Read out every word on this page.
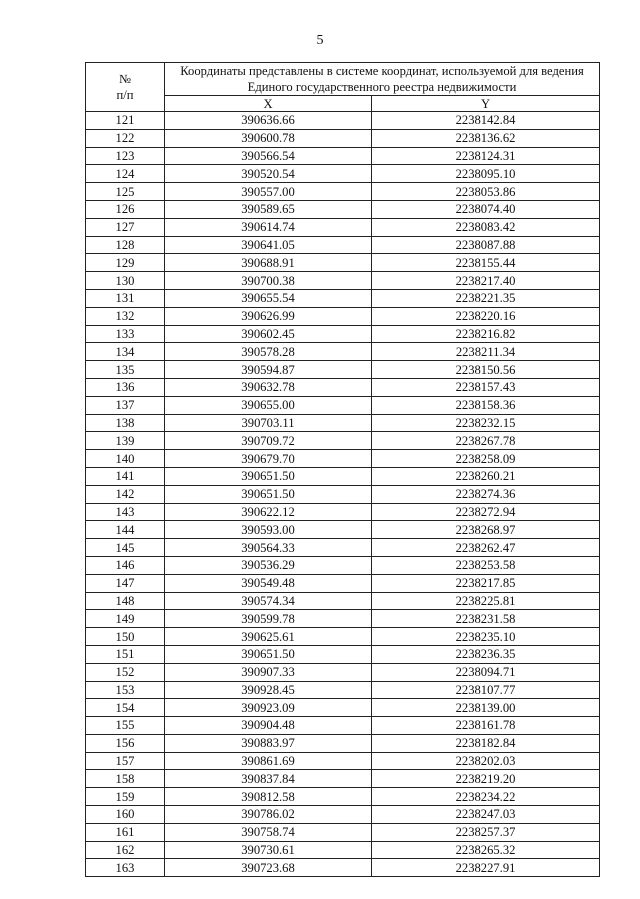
5
№
п/п	Координаты представлены в системе координат, используемой для ведения Единого государственного реестра недвижимости	
	X	Y
121	390636.66	2238142.84
122	390600.78	2238136.62
123	390566.54	2238124.31
124	390520.54	2238095.10
125	390557.00	2238053.86
126	390589.65	2238074.40
127	390614.74	2238083.42
128	390641.05	2238087.88
129	390688.91	2238155.44
130	390700.38	2238217.40
131	390655.54	2238221.35
132	390626.99	2238220.16
133	390602.45	2238216.82
134	390578.28	2238211.34
135	390594.87	2238150.56
136	390632.78	2238157.43
137	390655.00	2238158.36
138	390703.11	2238232.15
139	390709.72	2238267.78
140	390679.70	2238258.09
141	390651.50	2238260.21
142	390651.50	2238274.36
143	390622.12	2238272.94
144	390593.00	2238268.97
145	390564.33	2238262.47
146	390536.29	2238253.58
147	390549.48	2238217.85
148	390574.34	2238225.81
149	390599.78	2238231.58
150	390625.61	2238235.10
151	390651.50	2238236.35
152	390907.33	2238094.71
153	390928.45	2238107.77
154	390923.09	2238139.00
155	390904.48	2238161.78
156	390883.97	2238182.84
157	390861.69	2238202.03
158	390837.84	2238219.20
159	390812.58	2238234.22
160	390786.02	2238247.03
161	390758.74	2238257.37
162	390730.61	2238265.32
163	390723.68	2238227.91
